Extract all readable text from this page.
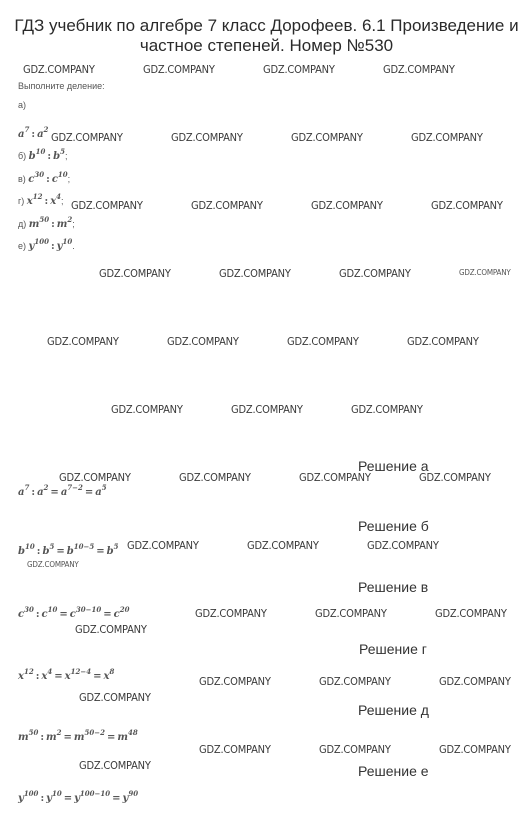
ГДЗ учебник по алгебре 7 класс Дорофеев. 6.1 Произведение и частное степеней. Номер №530
Выполните деление:
а)
$a^7$ : $a^2$
б) $b^{10}$ : $b^5$;
в) $c^{30}$ : $c^{10}$;
г) $x^{12}$ : $x^4$;
д) $m^{50}$ : $m^2$;
е) $y^{100}$ : $y^{10}$.
Решение а
$a^7$ : $a^2 = a^{7-2} = a^5$
Решение б
$b^{10}$ : $b^5 = b^{10-5} = b^5$
Решение в
$c^{30}$ : $c^{10} = c^{30-10} = c^{20}$
Решение г
$x^{12}$ : $x^4 = x^{12-4} = x^8$
Решение д
$m^{50}$ : $m^2 = m^{50-2} = m^{48}$
Решение е
$y^{100}$ : $y^{10} = y^{100-10} = y^{90}$
GDZ.COMPANY	GDZ.COMPANY	GDZ.COMPANY	GDZ.COMPANY
GDZ.COMPANY	GDZ.COMPANY	GDZ.COMPANY	GDZ.COMPANY
GDZ.COMPANY	GDZ.COMPANY	GDZ.COMPANY	GDZ.COMPANY
GDZ.COMPANY	GDZ.COMPANY	GDZ.COMPANY	GDZ.COMPANY
GDZ.COMPANY	GDZ.COMPANY	GDZ.COMPANY	GDZ.COMPANY
GDZ.COMPANY	GDZ.COMPANY	GDZ.COMPANY
GDZ.COMPANY	GDZ.COMPANY	GDZ.COMPANY	GDZ.COMPANY
GDZ.COMPANY	GDZ.COMPANY	GDZ.COMPANY
GDZ.COMPANY
GDZ.COMPANY	GDZ.COMPANY	GDZ.COMPANY
GDZ.COMPANY
GDZ.COMPANY	GDZ.COMPANY	GDZ.COMPANY
GDZ.COMPANY
GDZ.COMPANY	GDZ.COMPANY	GDZ.COMPANY
GDZ.COMPANY
